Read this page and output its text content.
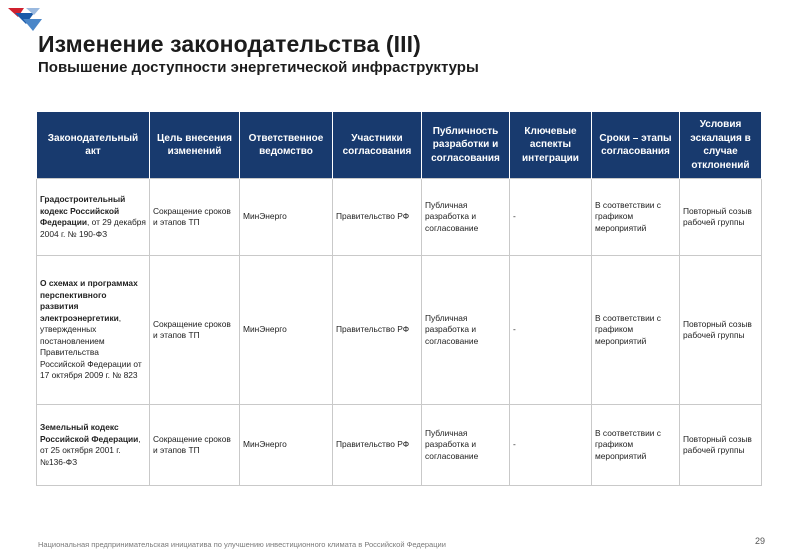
Изменение законодательства (III)
Повышение доступности энергетической инфраструктуры
Законодательный акт	Цель внесения изменений	Ответственное ведомство	Участники согласования	Публичность разработки и согласования	Ключевые аспекты интеграции	Сроки – этапы согласования	Условия эскалация в случае отклонений
Градостроительный кодекс Российской Федерации, от 29 декабря 2004 г. № 190-ФЗ	Сокращение сроков и этапов ТП	МинЭнерго	Правительство РФ	Публичная разработка и согласование	-	В соответствии с графиком мероприятий	Повторный созыв рабочей группы
О схемах и программах перспективного развития электроэнергетики, утвержденных постановлением Правительства Российской Федерации от 17 октября 2009 г. № 823	Сокращение сроков и этапов ТП	МинЭнерго	Правительство РФ	Публичная разработка и согласование	-	В соответствии с графиком мероприятий	Повторный созыв рабочей группы
Земельный кодекс Российской Федерации, от 25 октября 2001 г. №136-ФЗ	Сокращение сроков и этапов ТП	МинЭнерго	Правительство РФ	Публичная разработка и согласование	-	В соответствии с графиком мероприятий	Повторный созыв рабочей группы
29
Национальная предпринимательская инициатива по улучшению инвестиционного климата в Российской Федерации
